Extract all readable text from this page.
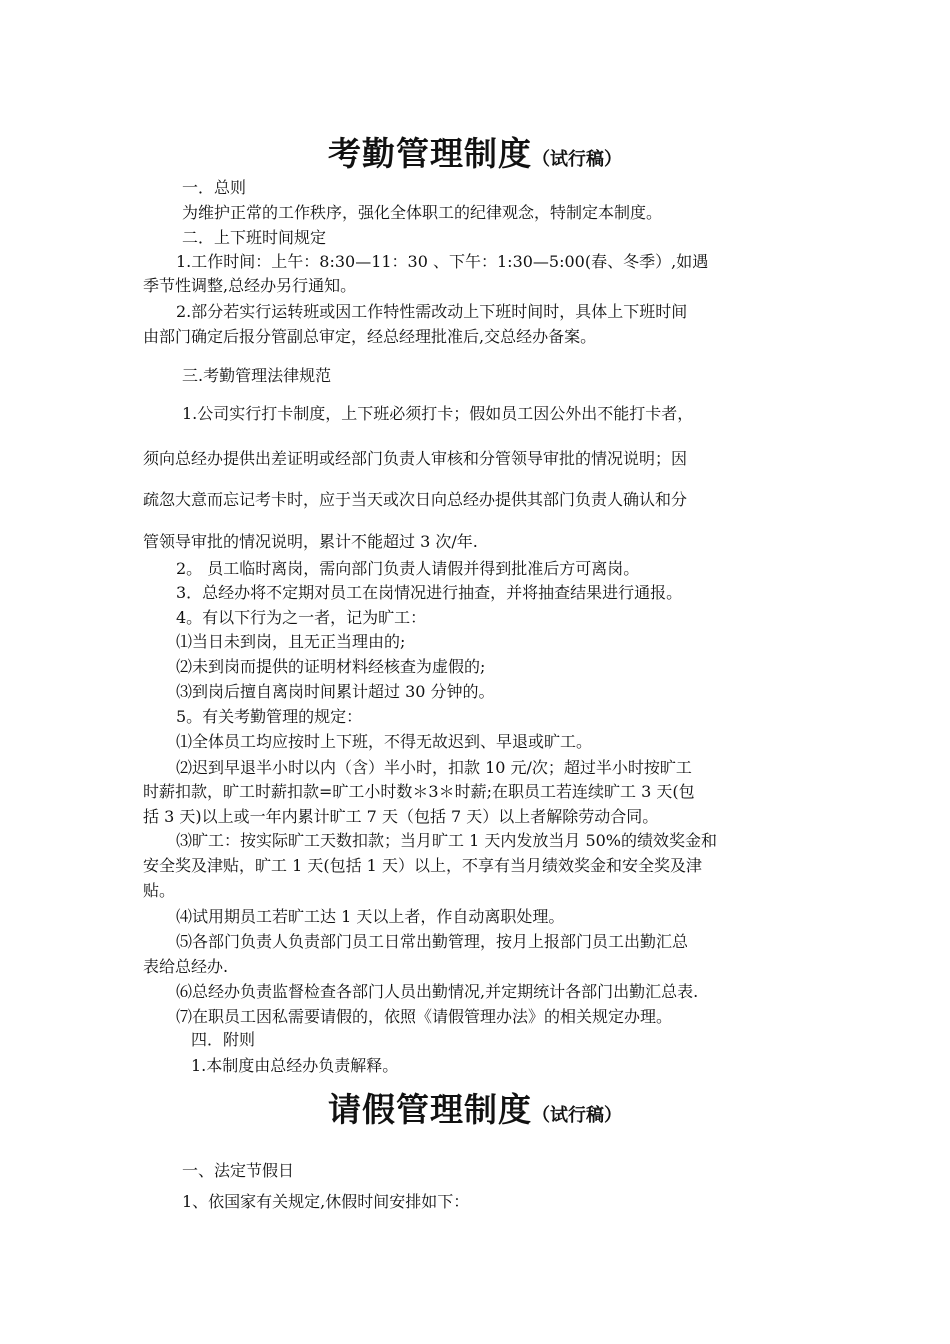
考勤管理制度（试行稿）
一．总则
为维护正常的工作秩序，强化全体职工的纪律观念，特制定本制度。
二．上下班时间规定
1.工作时间：上午：8:30—11：30 、下午：1:30—5:00(春、冬季）,如遇
季节性调整,总经办另行通知。
2.部分若实行运转班或因工作特性需改动上下班时间时，具体上下班时间
由部门确定后报分管副总审定，经总经理批准后,交总经办备案。
三.考勤管理法律规范
1.公司实行打卡制度，上下班必须打卡；假如员工因公外出不能打卡者，
须向总经办提供出差证明或经部门负责人审核和分管领导审批的情况说明；因
疏忽大意而忘记考卡时，应于当天或次日向总经办提供其部门负责人确认和分
管领导审批的情况说明，累计不能超过 3 次/年.
2。 员工临时离岗，需向部门负责人请假并得到批准后方可离岗。
3．总经办将不定期对员工在岗情况进行抽查，并将抽查结果进行通报。
4。有以下行为之一者，记为旷工：
⑴当日未到岗，且无正当理由的;
⑵未到岗而提供的证明材料经核查为虚假的;
⑶到岗后擅自离岗时间累计超过 30 分钟的。
5。有关考勤管理的规定：
⑴全体员工均应按时上下班，不得无故迟到、早退或旷工。
⑵迟到早退半小时以内（含）半小时，扣款 10 元/次；超过半小时按旷工
时薪扣款，旷工时薪扣款=旷工小时数＊3＊时薪;在职员工若连续旷工 3 天(包
括 3 天)以上或一年内累计旷工 7 天（包括 7 天）以上者解除劳动合同。
⑶旷工：按实际旷工天数扣款；当月旷工 1 天内发放当月 50%的绩效奖金和
安全奖及津贴，旷工 1 天(包括 1 天）以上，不享有当月绩效奖金和安全奖及津
贴。
⑷试用期员工若旷工达 1 天以上者，作自动离职处理。
⑸各部门负责人负责部门员工日常出勤管理，按月上报部门员工出勤汇总
表给总经办.
⑹总经办负责监督检查各部门人员出勤情况,并定期统计各部门出勤汇总表.
⑺在职员工因私需要请假的，依照《请假管理办法》的相关规定办理。
四．附则
1.本制度由总经办负责解释。
请假管理制度（试行稿）
一、法定节假日
1、依国家有关规定,休假时间安排如下：
